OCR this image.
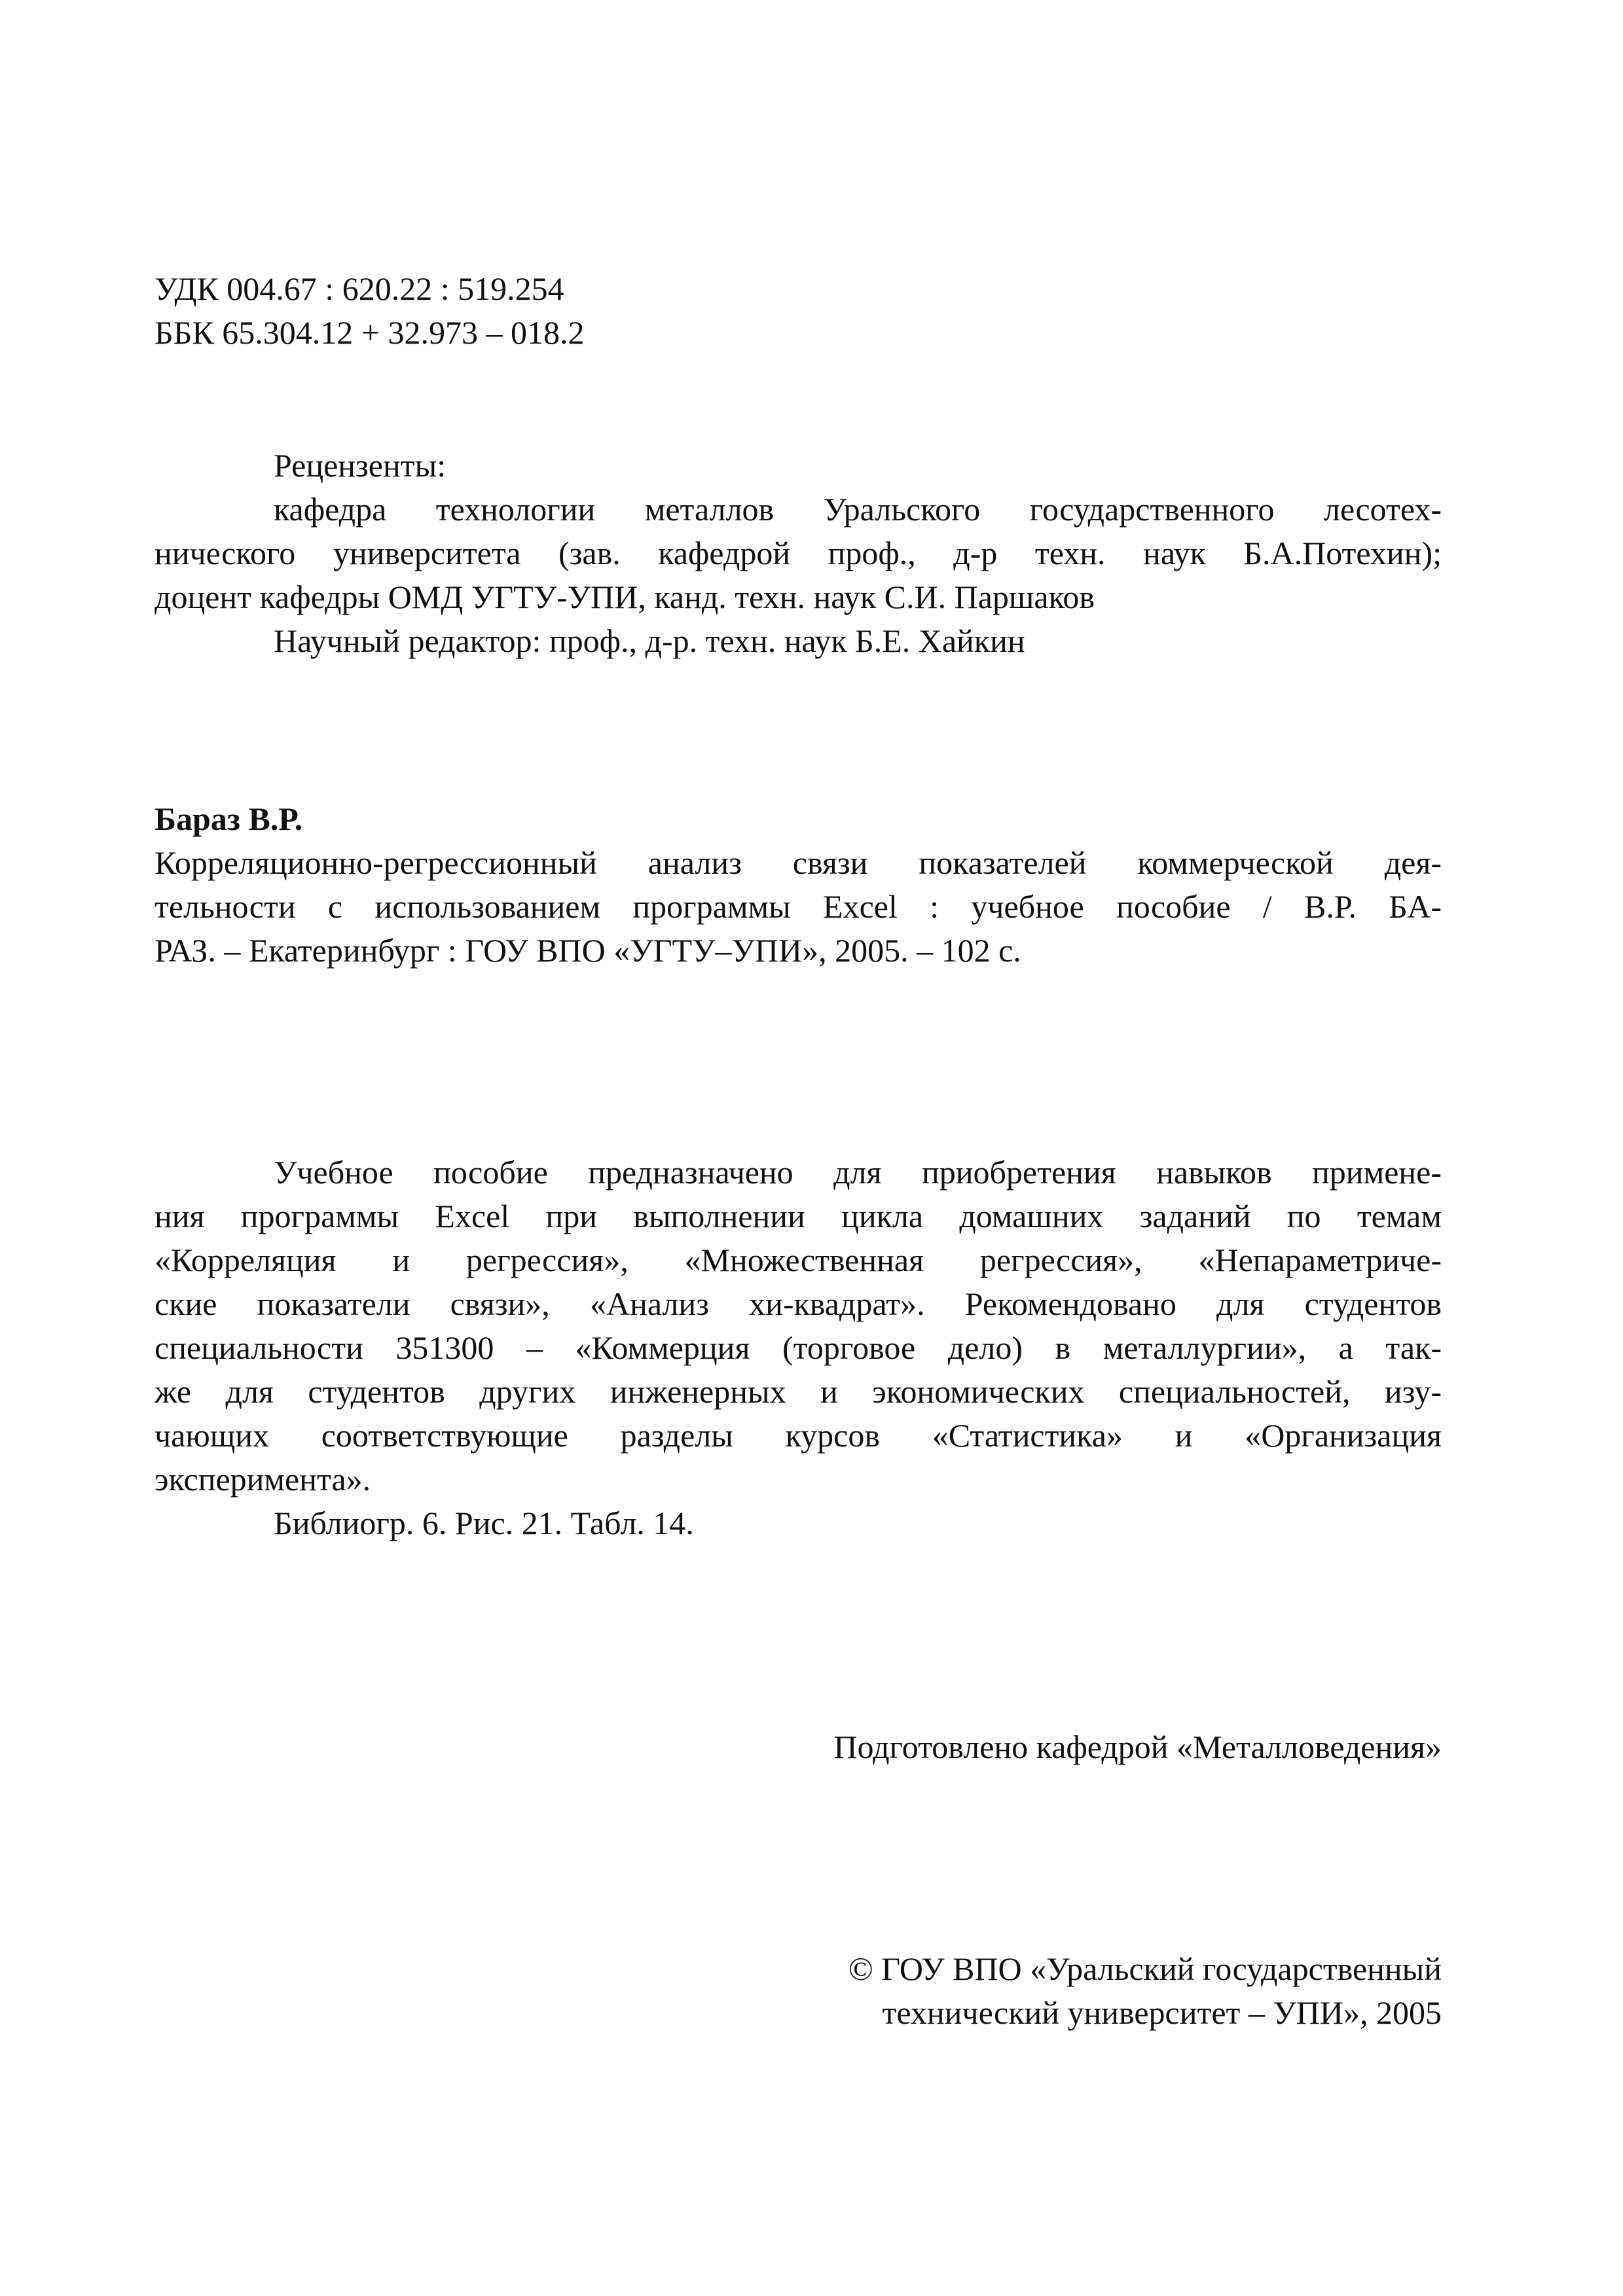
УДК 004.67 : 620.22 : 519.254
ББК 65.304.12 + 32.973 – 018.2
Рецензенты:
кафедра технологии металлов Уральского государственного лесотех-
нического университета (зав. кафедрой проф., д-р техн. наук Б.А.Потехин);
доцент кафедры ОМД УГТУ-УПИ, канд. техн. наук С.И. Паршаков
Научный редактор: проф., д-р. техн. наук Б.Е. Хайкин
Бараз В.Р.
Корреляционно-регрессионный анализ связи показателей коммерческой дея-
тельности с использованием программы Excel : учебное пособие / В.Р. БА-
РАЗ. – Екатеринбург : ГОУ ВПО «УГТУ–УПИ», 2005. – 102 с.
Учебное пособие предназначено для приобретения навыков примене-
ния программы Excel при выполнении цикла домашних заданий по темам
«Корреляция и регрессия», «Множественная регрессия», «Непараметриче-
ские показатели связи», «Анализ хи-квадрат». Рекомендовано для студентов
специальности 351300 – «Коммерция (торговое дело) в металлургии», а так-
же для студентов других инженерных и экономических специальностей, изу-
чающих соответствующие разделы курсов «Статистика» и «Организация
эксперимента».
Библиогр. 6. Рис. 21. Табл. 14.
Подготовлено кафедрой «Металловедения»
© ГОУ ВПО «Уральский государственный
технический университет – УПИ», 2005
